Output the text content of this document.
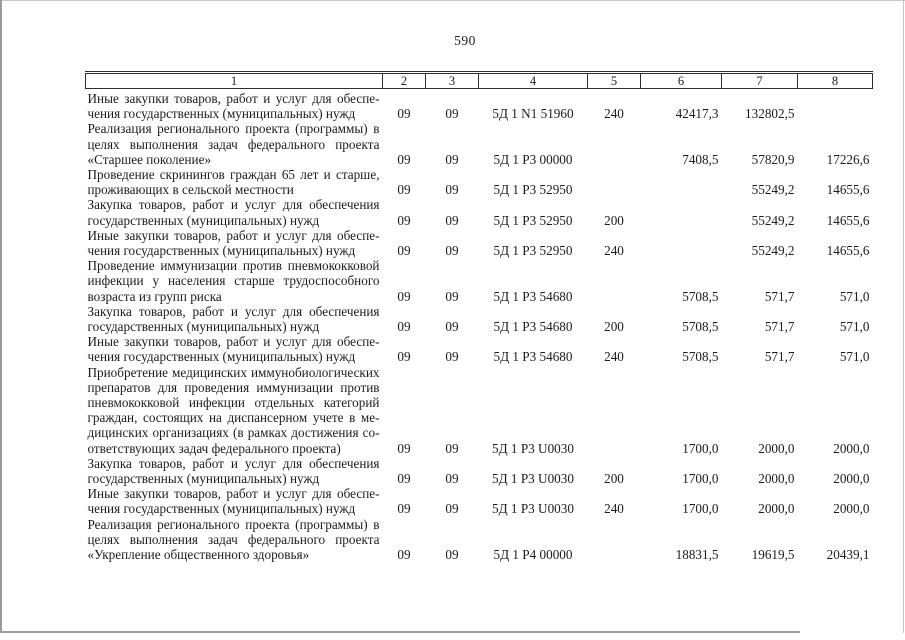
590
1	2	3	4	5	6	7	8

Иные закупки товаров, работ и услуг для обеспе-
чения государственных (муниципальных) нужд	09	09	5Д 1 N1 51960	240	42417,3	132802,5	

Реализация регионального проекта (программы) в
целях выполнения задач федерального проекта
«Старшее поколение»	09	09	5Д 1 Р3 00000		7408,5	57820,9	17226,6

Проведение скринингов граждан 65 лет и старше,
проживающих в сельской местности	09	09	5Д 1 Р3 52950			55249,2	14655,6

Закупка товаров, работ и услуг для обеспечения
государственных (муниципальных) нужд	09	09	5Д 1 Р3 52950	200		55249,2	14655,6

Иные закупки товаров, работ и услуг для обеспе-
чения государственных (муниципальных) нужд	09	09	5Д 1 Р3 52950	240		55249,2	14655,6

Проведение иммунизации против пневмококковой
инфекции у населения старше трудоспособного
возраста из групп риска	09	09	5Д 1 Р3 54680		5708,5	571,7	571,0

Закупка товаров, работ и услуг для обеспечения
государственных (муниципальных) нужд	09	09	5Д 1 Р3 54680	200	5708,5	571,7	571,0

Иные закупки товаров, работ и услуг для обеспе-
чения государственных (муниципальных) нужд	09	09	5Д 1 Р3 54680	240	5708,5	571,7	571,0

Приобретение медицинских иммунобиологических
препаратов для проведения иммунизации против
пневмококковой инфекции отдельных категорий
граждан, состоящих на диспансерном учете в ме-
дицинских организациях (в рамках достижения со-
ответствующих задач федерального проекта)	09	09	5Д 1 Р3 U0030		1700,0	2000,0	2000,0

Закупка товаров, работ и услуг для обеспечения
государственных (муниципальных) нужд	09	09	5Д 1 Р3 U0030	200	1700,0	2000,0	2000,0

Иные закупки товаров, работ и услуг для обеспе-
чения государственных (муниципальных) нужд	09	09	5Д 1 Р3 U0030	240	1700,0	2000,0	2000,0

Реализация регионального проекта (программы) в
целях выполнения задач федерального проекта
«Укрепление общественного здоровья»	09	09	5Д 1 Р4 00000		18831,5	19619,5	20439,1
